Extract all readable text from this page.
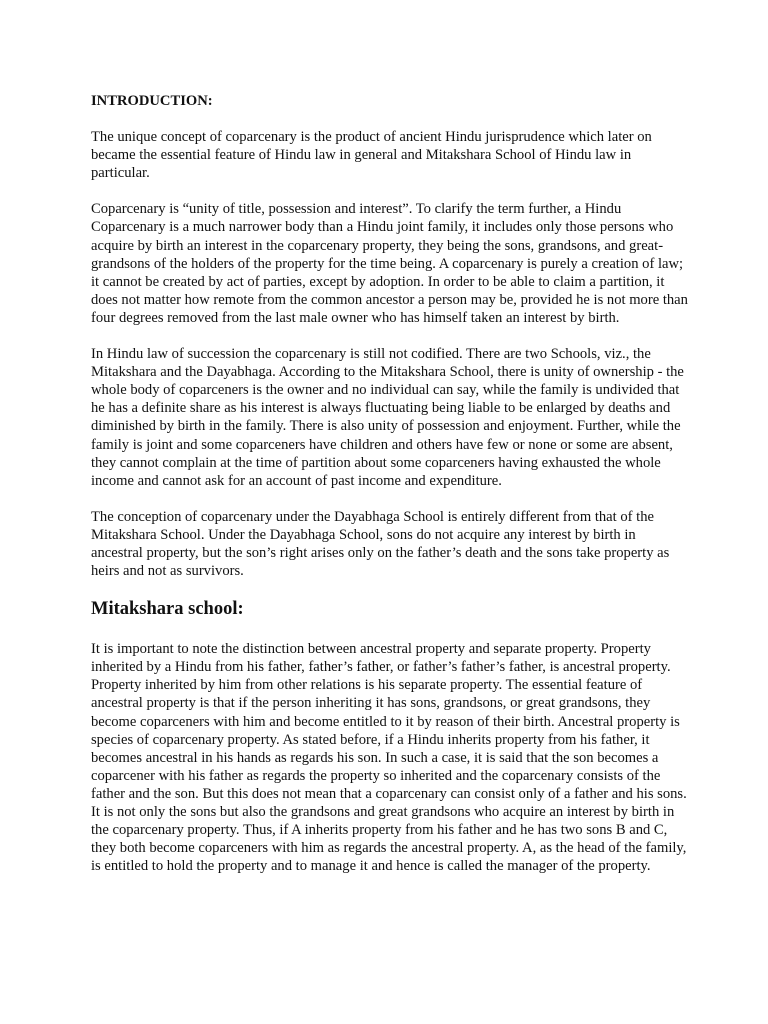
INTRODUCTION:

The unique concept of coparcenary is the product of ancient Hindu jurisprudence which later on became the essential feature of Hindu law in general and Mitakshara School of Hindu law in particular.

Coparcenary is “unity of title, possession and interest”. To clarify the term further, a Hindu Coparcenary is a much narrower body than a Hindu joint family, it includes only those persons who acquire by birth an interest in the coparcenary property, they being the sons, grandsons, and great-grandsons of the holders of the property for the time being. A coparcenary is purely a creation of law; it cannot be created by act of parties, except by adoption. In order to be able to claim a partition, it does not matter how remote from the common ancestor a person may be, provided he is not more than four degrees removed from the last male owner who has himself taken an interest by birth.

In Hindu law of succession the coparcenary is still not codified. There are two Schools, viz., the Mitakshara and the Dayabhaga. According to the Mitakshara School, there is unity of ownership - the whole body of coparceners is the owner and no individual can say, while the family is undivided that he has a definite share as his interest is always fluctuating being liable to be enlarged by deaths and diminished by birth in the family. There is also unity of possession and enjoyment. Further, while the family is joint and some coparceners have children and others have few or none or some are absent, they cannot complain at the time of partition about some coparceners having exhausted the whole income and cannot ask for an account of past income and expenditure.

The conception of coparcenary under the Dayabhaga School is entirely different from that of the Mitakshara School. Under the Dayabhaga School, sons do not acquire any interest by birth in ancestral property, but the son’s right arises only on the father’s death and the sons take property as heirs and not as survivors.

Mitakshara school:

It is important to note the distinction between ancestral property and separate property. Property inherited by a Hindu from his father, father’s father, or father’s father’s father, is ancestral property. Property inherited by him from other relations is his separate property. The essential feature of ancestral property is that if the person inheriting it has sons, grandsons, or great grandsons, they become coparceners with him and become entitled to it by reason of their birth. Ancestral property is species of coparcenary property. As stated before, if a Hindu inherits property from his father, it becomes ancestral in his hands as regards his son. In such a case, it is said that the son becomes a coparcener with his father as regards the property so inherited and the coparcenary consists of the father and the son. But this does not mean that a coparcenary can consist only of a father and his sons. It is not only the sons but also the grandsons and great grandsons who acquire an interest by birth in the coparcenary property. Thus, if A inherits property from his father and he has two sons B and C, they both become coparceners with him as regards the ancestral property. A, as the head of the family, is entitled to hold the property and to manage it and hence is called the manager of the property.
